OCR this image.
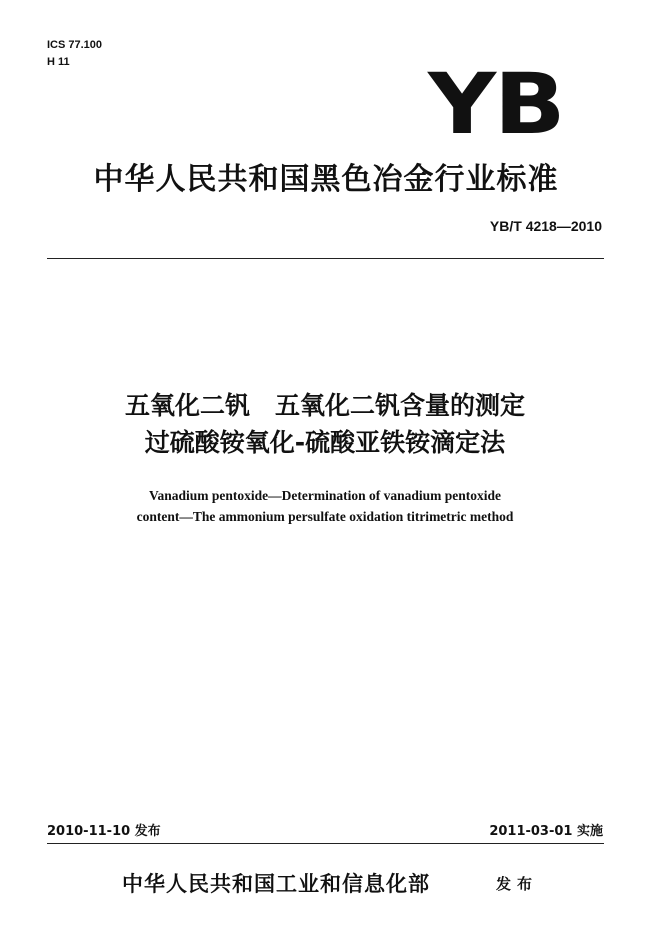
ICS 77.100
H 11	YB
中华人民共和国黑色冶金行业标准
YB/T 4218—2010
五氧化二钒　五氧化二钒含量的测定
过硫酸铵氧化-硫酸亚铁铵滴定法
Vanadium pentoxide—Determination of vanadium pentoxide
content—The ammonium persulfate oxidation titrimetric method
2010-11-10 发布	2011-03-01 实施
中华人民共和国工业和信息化部	发布
